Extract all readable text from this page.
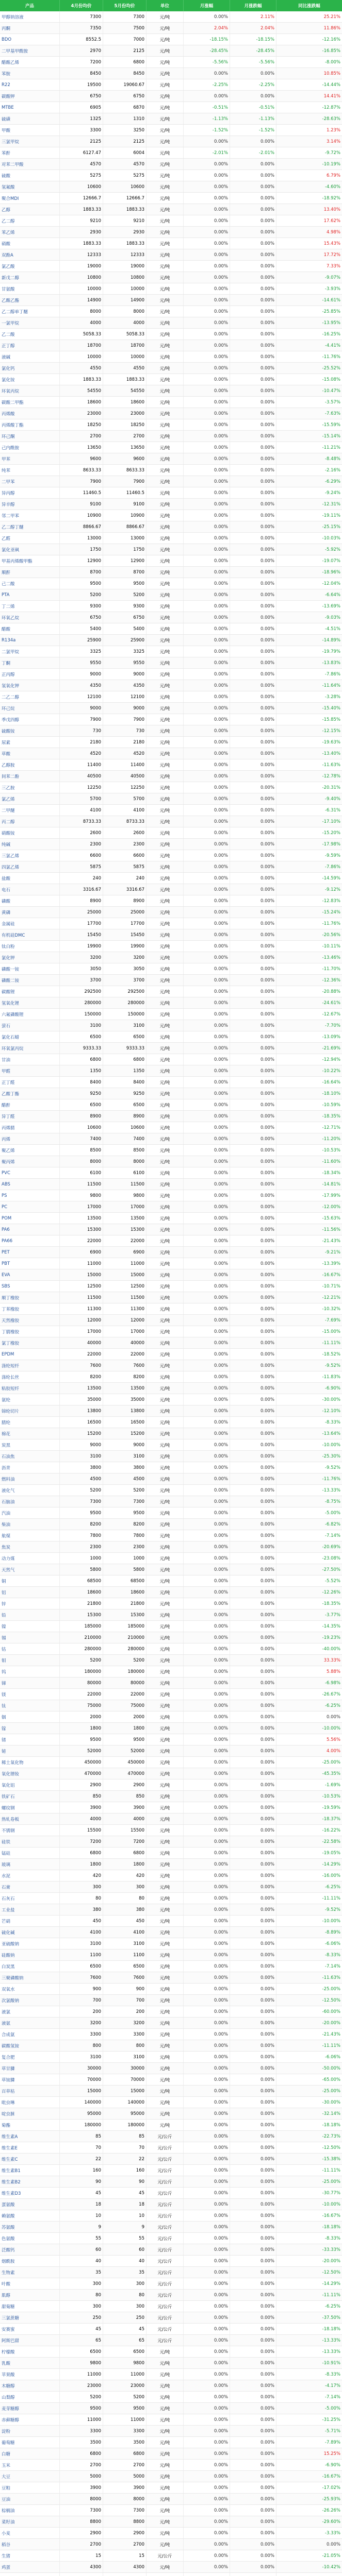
产品	4月份均价	5月份均价	单位	月涨幅	月涨跌幅	同比涨跌幅
甲醇钠溶液	7300	7300	元/吨	0.00%	2.11%	25.21%
丙酮	7350	7500	元/吨	2.04%	2.04%	11.86%
BDO	8552.5	7000	元/吨	-18.15%	-18.15%	-12.16%
二甲基甲酰胺	2970	2125	元/吨	-28.45%	-28.45%	-16.85%
醋酸乙烯	7200	6800	元/吨	-5.56%	-5.56%	-8.00%
苯胺	8450	8450	元/吨	0.00%	0.00%	10.85%
R22	19500	19060.67	元/吨	-2.25%	-2.25%	-14.44%
碳酸钾	6750	6750	元/吨	0.00%	0.00%	14.41%
MTBE	6905	6870	元/吨	-0.51%	-0.51%	-12.87%
硫磺	1325	1310	元/吨	-1.13%	-1.13%	-28.63%
甲酸	3300	3250	元/吨	-1.52%	-1.52%	1.23%
三氯甲烷	2125	2125	元/吨	0.00%	0.00%	3.14%
苯酐	6127.47	6004	元/吨	-2.01%	-2.01%	-9.72%
对苯二甲酸	4570	4570	元/吨	0.00%	0.00%	-10.19%
硫酸	5275	5275	元/吨	0.00%	0.00%	6.79%
氢氟酸	10600	10600	元/吨	0.00%	0.00%	-4.60%
聚合MDI	12666.7	12666.7	元/吨	0.00%	0.00%	-18.92%
乙醇	1883.33	1883.33	元/吨	0.00%	0.00%	13.40%
乙二醇	9210	9210	元/吨	0.00%	0.00%	17.62%
苯乙烯	2930	2930	元/吨	0.00%	0.00%	4.98%
硝酸	1883.33	1883.33	元/吨	0.00%	0.00%	15.43%
双酚A	12333	12333	元/吨	0.00%	0.00%	17.72%
氯乙酸	19000	19000	元/吨	0.00%	0.00%	7.33%
新戊二醇	10800	10800	元/吨	0.00%	0.00%	-9.07%
甘氨酸	10000	10000	元/吨	0.00%	0.00%	-3.93%
乙酸乙酯	14900	14900	元/吨	0.00%	0.00%	-14.61%
乙二醇单丁醚	8000	8000	元/吨	0.00%	0.00%	-25.85%
一氯甲烷	4000	4000	元/吨	0.00%	0.00%	-13.95%
乙二酸	5058.33	5058.33	元/吨	0.00%	0.00%	-16.25%
正丁醇	18700	18700	元/吨	0.00%	0.00%	-4.41%
液碱	10000	10000	元/吨	0.00%	0.00%	-11.76%
氯化钙	4550	4550	元/吨	0.00%	0.00%	-25.52%
氯化铵	1883.33	1883.33	元/吨	0.00%	0.00%	-15.08%
环氧丙烷	54550	54550	元/吨	0.00%	0.00%	-10.47%
碳酸二甲酯	18600	18600	元/吨	0.00%	0.00%	-3.57%
丙烯酸	23000	23000	元/吨	0.00%	0.00%	-7.63%
丙烯酸丁酯	18250	18250	元/吨	0.00%	0.00%	-15.59%
环己酮	2700	2700	元/吨	0.00%	0.00%	-15.14%
己内酰胺	13650	13650	元/吨	0.00%	0.00%	-11.21%
甲苯	9600	9600	元/吨	0.00%	0.00%	-8.48%
纯苯	8633.33	8633.33	元/吨	0.00%	0.00%	-2.16%
二甲苯	7900	7900	元/吨	0.00%	0.00%	-6.29%
异丙醇	11460.5	11460.5	元/吨	0.00%	0.00%	-9.24%
异辛醇	9100	9100	元/吨	0.00%	0.00%	-12.31%
邻二甲苯	10900	10900	元/吨	0.00%	0.00%	-19.11%
乙二醇丁醚	8866.67	8866.67	元/吨	0.00%	0.00%	-25.15%
乙醛	13000	13000	元/吨	0.00%	0.00%	-10.03%
氯化亚砜	1750	1750	元/吨	0.00%	0.00%	-5.92%
甲基丙烯酸甲酯	12900	12900	元/吨	0.00%	0.00%	-19.07%
顺酐	8700	8700	元/吨	0.00%	0.00%	-18.96%
己二酸	9500	9500	元/吨	0.00%	0.00%	-12.04%
PTA	5200	5200	元/吨	0.00%	0.00%	-6.64%
丁二烯	9300	9300	元/吨	0.00%	0.00%	-13.69%
环氧乙烷	6750	6750	元/吨	0.00%	0.00%	-9.03%
醋酸	5400	5400	元/吨	0.00%	0.00%	-4.51%
R134a	25900	25900	元/吨	0.00%	0.00%	-14.89%
二氯甲烷	3325	3325	元/吨	0.00%	0.00%	-19.79%
丁酮	9550	9550	元/吨	0.00%	0.00%	-13.83%
正丙醇	9000	9000	元/吨	0.00%	0.00%	-7.86%
氢氧化钾	4350	4350	元/吨	0.00%	0.00%	-11.64%
二乙二醇	12100	12100	元/吨	0.00%	0.00%	-3.28%
环己烷	9000	9000	元/吨	0.00%	0.00%	-15.40%
季戊四醇	7900	7900	元/吨	0.00%	0.00%	-15.85%
硫酸铵	730	730	元/吨	0.00%	0.00%	-12.15%
尿素	2180	2180	元/吨	0.00%	0.00%	-19.63%
草酸	4520	4520	元/吨	0.00%	0.00%	-13.40%
乙醇胺	11400	11400	元/吨	0.00%	0.00%	-11.63%
间苯二酚	40500	40500	元/吨	0.00%	0.00%	-12.78%
三乙胺	12250	12250	元/吨	0.00%	0.00%	-20.31%
氯乙烯	5700	5700	元/吨	0.00%	0.00%	-9.40%
二甲醚	4100	4100	元/吨	0.00%	0.00%	-6.31%
丙二醇	8733.33	8733.33	元/吨	0.00%	0.00%	-17.10%
硝酸铵	2600	2600	元/吨	0.00%	0.00%	-15.20%
纯碱	2300	2300	元/吨	0.00%	0.00%	-17.98%
三氯乙烯	6600	6600	元/吨	0.00%	0.00%	-9.59%
四氯乙烯	5875	5875	元/吨	0.00%	0.00%	-7.86%
盐酸	240	240	元/吨	0.00%	0.00%	-14.59%
电石	3316.67	3316.67	元/吨	0.00%	0.00%	-9.12%
磷酸	8900	8900	元/吨	0.00%	0.00%	-12.83%
黄磷	25000	25000	元/吨	0.00%	0.00%	-15.24%
金属硅	17700	17700	元/吨	0.00%	0.00%	-11.76%
有机硅DMC	15450	15450	元/吨	0.00%	0.00%	-20.56%
钛白粉	19900	19900	元/吨	0.00%	0.00%	-10.11%
氯化钾	3200	3200	元/吨	0.00%	0.00%	-13.46%
磷酸一铵	3050	3050	元/吨	0.00%	0.00%	-11.70%
磷酸二铵	3700	3700	元/吨	0.00%	0.00%	-12.36%
碳酸锂	292500	292500	元/吨	0.00%	0.00%	-20.88%
氢氧化锂	280000	280000	元/吨	0.00%	0.00%	-24.61%
六氟磷酸锂	150000	150000	元/吨	0.00%	0.00%	-12.67%
萤石	3100	3100	元/吨	0.00%	0.00%	-7.70%
氯化石蜡	6500	6500	元/吨	0.00%	0.00%	-13.09%
环氧氯丙烷	9333.33	9333.33	元/吨	0.00%	0.00%	-21.69%
甘油	6800	6800	元/吨	0.00%	0.00%	-12.94%
甲醛	1350	1350	元/吨	0.00%	0.00%	-10.22%
正丁醛	8400	8400	元/吨	0.00%	0.00%	-16.64%
乙酸丁酯	9250	9250	元/吨	0.00%	0.00%	-18.10%
醋酐	6500	6500	元/吨	0.00%	0.00%	-10.59%
异丁醛	8900	8900	元/吨	0.00%	0.00%	-18.35%
丙烯腈	10600	10600	元/吨	0.00%	0.00%	-12.71%
丙烯	7400	7400	元/吨	0.00%	0.00%	-11.20%
聚乙烯	8500	8500	元/吨	0.00%	0.00%	-10.53%
聚丙烯	8000	8000	元/吨	0.00%	0.00%	-11.60%
PVC	6100	6100	元/吨	0.00%	0.00%	-18.34%
ABS	11500	11500	元/吨	0.00%	0.00%	-14.81%
PS	9800	9800	元/吨	0.00%	0.00%	-17.99%
PC	17000	17000	元/吨	0.00%	0.00%	-12.00%
POM	13500	13500	元/吨	0.00%	0.00%	-15.63%
PA6	15300	15300	元/吨	0.00%	0.00%	-11.56%
PA66	22000	22000	元/吨	0.00%	0.00%	-21.43%
PET	6900	6900	元/吨	0.00%	0.00%	-9.21%
PBT	11000	11000	元/吨	0.00%	0.00%	-13.39%
EVA	15000	15000	元/吨	0.00%	0.00%	-16.67%
SBS	12500	12500	元/吨	0.00%	0.00%	-10.71%
顺丁橡胶	11500	11500	元/吨	0.00%	0.00%	-12.21%
丁苯橡胶	11300	11300	元/吨	0.00%	0.00%	-10.32%
天然橡胶	12000	12000	元/吨	0.00%	0.00%	-7.69%
丁腈橡胶	17000	17000	元/吨	0.00%	0.00%	-15.00%
氯丁橡胶	40000	40000	元/吨	0.00%	0.00%	-11.11%
EPDM	22000	22000	元/吨	0.00%	0.00%	-18.52%
涤纶短纤	7600	7600	元/吨	0.00%	0.00%	-9.52%
涤纶长丝	8200	8200	元/吨	0.00%	0.00%	-11.83%
粘胶短纤	13500	13500	元/吨	0.00%	0.00%	-6.90%
氨纶	35000	35000	元/吨	0.00%	0.00%	-30.00%
锦纶切片	13800	13800	元/吨	0.00%	0.00%	-12.10%
腈纶	16500	16500	元/吨	0.00%	0.00%	-8.33%
棉花	15200	15200	元/吨	0.00%	0.00%	-13.64%
炭黑	9000	9000	元/吨	0.00%	0.00%	-10.00%
石油焦	3100	3100	元/吨	0.00%	0.00%	-25.30%
沥青	3800	3800	元/吨	0.00%	0.00%	-9.52%
燃料油	4500	4500	元/吨	0.00%	0.00%	-11.76%
液化气	5200	5200	元/吨	0.00%	0.00%	-13.33%
石脑油	7300	7300	元/吨	0.00%	0.00%	-8.75%
汽油	9500	9500	元/吨	0.00%	0.00%	-5.00%
柴油	8200	8200	元/吨	0.00%	0.00%	-6.82%
航煤	7800	7800	元/吨	0.00%	0.00%	-7.14%
焦炭	2300	2300	元/吨	0.00%	0.00%	-20.69%
动力煤	1000	1000	元/吨	0.00%	0.00%	-23.08%
天然气	5800	5800	元/吨	0.00%	0.00%	-27.50%
铜	68500	68500	元/吨	0.00%	0.00%	-5.52%
铝	18600	18600	元/吨	0.00%	0.00%	-12.26%
锌	21800	21800	元/吨	0.00%	0.00%	-18.35%
铅	15300	15300	元/吨	0.00%	0.00%	-3.77%
镍	185000	185000	元/吨	0.00%	0.00%	-14.35%
锡	210000	210000	元/吨	0.00%	0.00%	-19.23%
钴	280000	280000	元/吨	0.00%	0.00%	-40.00%
钼	5200	5200	元/吨	0.00%	0.00%	33.33%
钨	180000	180000	元/吨	0.00%	0.00%	5.88%
锑	80000	80000	元/吨	0.00%	0.00%	-6.98%
镁	22000	22000	元/吨	0.00%	0.00%	-26.67%
钛	75000	75000	元/吨	0.00%	0.00%	-6.25%
铟	2000	2000	元/吨	0.00%	0.00%	0.00%
镓	1800	1800	元/吨	0.00%	0.00%	-10.00%
锗	9500	9500	元/吨	0.00%	0.00%	5.56%
铋	52000	52000	元/吨	0.00%	0.00%	4.00%
稀土氧化物	450000	450000	元/吨	0.00%	0.00%	-25.00%
氧化镨钕	470000	470000	元/吨	0.00%	0.00%	-45.35%
氧化铝	2900	2900	元/吨	0.00%	0.00%	-1.69%
铁矿石	850	850	元/吨	0.00%	0.00%	-10.53%
螺纹钢	3900	3900	元/吨	0.00%	0.00%	-19.59%
热轧卷板	4000	4000	元/吨	0.00%	0.00%	-18.37%
不锈钢	15500	15500	元/吨	0.00%	0.00%	-16.22%
硅铁	7200	7200	元/吨	0.00%	0.00%	-22.58%
锰硅	6800	6800	元/吨	0.00%	0.00%	-19.05%
玻璃	1800	1800	元/吨	0.00%	0.00%	-14.29%
水泥	420	420	元/吨	0.00%	0.00%	-16.00%
石膏	300	300	元/吨	0.00%	0.00%	-6.25%
石灰石	80	80	元/吨	0.00%	0.00%	-11.11%
工业盐	380	380	元/吨	0.00%	0.00%	-9.52%
芒硝	450	450	元/吨	0.00%	0.00%	-10.00%
硫化碱	4100	4100	元/吨	0.00%	0.00%	-8.89%
亚硫酸钠	3100	3100	元/吨	0.00%	0.00%	-6.06%
硅酸钠	1100	1100	元/吨	0.00%	0.00%	-8.33%
白炭黑	6500	6500	元/吨	0.00%	0.00%	-7.14%
三聚磷酸钠	7600	7600	元/吨	0.00%	0.00%	-11.63%
双氧水	900	900	元/吨	0.00%	0.00%	-25.00%
次氯酸钠	700	700	元/吨	0.00%	0.00%	-12.50%
液氯	200	200	元/吨	0.00%	0.00%	-60.00%
液氨	3200	3200	元/吨	0.00%	0.00%	-20.00%
合成氨	3300	3300	元/吨	0.00%	0.00%	-21.43%
碳酸氢铵	800	800	元/吨	0.00%	0.00%	-11.11%
复合肥	3100	3100	元/吨	0.00%	0.00%	-6.06%
草甘膦	30000	30000	元/吨	0.00%	0.00%	-50.00%
草铵膦	70000	70000	元/吨	0.00%	0.00%	-65.00%
百草枯	15000	15000	元/吨	0.00%	0.00%	-25.00%
吡虫啉	140000	140000	元/吨	0.00%	0.00%	-30.00%
啶虫脒	95000	95000	元/吨	0.00%	0.00%	-32.14%
菊酯	180000	180000	元/吨	0.00%	0.00%	-18.18%
维生素A	85	85	元/公斤	0.00%	0.00%	-22.73%
维生素E	70	70	元/公斤	0.00%	0.00%	-12.50%
维生素C	22	22	元/公斤	0.00%	0.00%	-15.38%
维生素B1	160	160	元/公斤	0.00%	0.00%	-11.11%
维生素B2	90	90	元/公斤	0.00%	0.00%	-25.00%
维生素D3	45	45	元/公斤	0.00%	0.00%	-30.77%
蛋氨酸	18	18	元/公斤	0.00%	0.00%	-10.00%
赖氨酸	10	10	元/公斤	0.00%	0.00%	-16.67%
苏氨酸	9	9	元/公斤	0.00%	0.00%	-18.18%
色氨酸	55	55	元/公斤	0.00%	0.00%	-8.33%
泛酸钙	60	60	元/公斤	0.00%	0.00%	-33.33%
烟酰胺	40	40	元/公斤	0.00%	0.00%	-20.00%
生物素	35	35	元/公斤	0.00%	0.00%	-12.50%
叶酸	300	300	元/公斤	0.00%	0.00%	-14.29%
肌醇	80	80	元/公斤	0.00%	0.00%	-11.11%
甜菊糖	300	300	元/公斤	0.00%	0.00%	-6.25%
三氯蔗糖	250	250	元/公斤	0.00%	0.00%	-37.50%
安赛蜜	45	45	元/公斤	0.00%	0.00%	-18.18%
阿斯巴甜	65	65	元/公斤	0.00%	0.00%	-13.33%
柠檬酸	6500	6500	元/吨	0.00%	0.00%	-13.33%
乳酸	9800	9800	元/吨	0.00%	0.00%	-10.91%
苹果酸	11000	11000	元/吨	0.00%	0.00%	-8.33%
木糖醇	23000	23000	元/吨	0.00%	0.00%	-4.17%
山梨醇	5200	5200	元/吨	0.00%	0.00%	-7.14%
麦芽糖醇	9500	9500	元/吨	0.00%	0.00%	-5.00%
赤藓糖醇	11000	11000	元/吨	0.00%	0.00%	-31.25%
淀粉	3300	3300	元/吨	0.00%	0.00%	-5.71%
葡萄糖	3500	3500	元/吨	0.00%	0.00%	-7.89%
白糖	6800	6800	元/吨	0.00%	0.00%	15.25%
玉米	2700	2700	元/吨	0.00%	0.00%	-6.90%
大豆	5000	5000	元/吨	0.00%	0.00%	-16.67%
豆粕	3900	3900	元/吨	0.00%	0.00%	-17.02%
豆油	8000	8000	元/吨	0.00%	0.00%	-25.93%
棕榈油	7300	7300	元/吨	0.00%	0.00%	-26.26%
菜籽油	8800	8800	元/吨	0.00%	0.00%	-29.60%
小麦	2900	2900	元/吨	0.00%	0.00%	-3.33%
稻谷	2700	2700	元/吨	0.00%	0.00%	0.00%
生猪	15	15	元/公斤	0.00%	0.00%	-21.05%
鸡蛋	4300	4300	元/吨	0.00%	0.00%	-10.42%
